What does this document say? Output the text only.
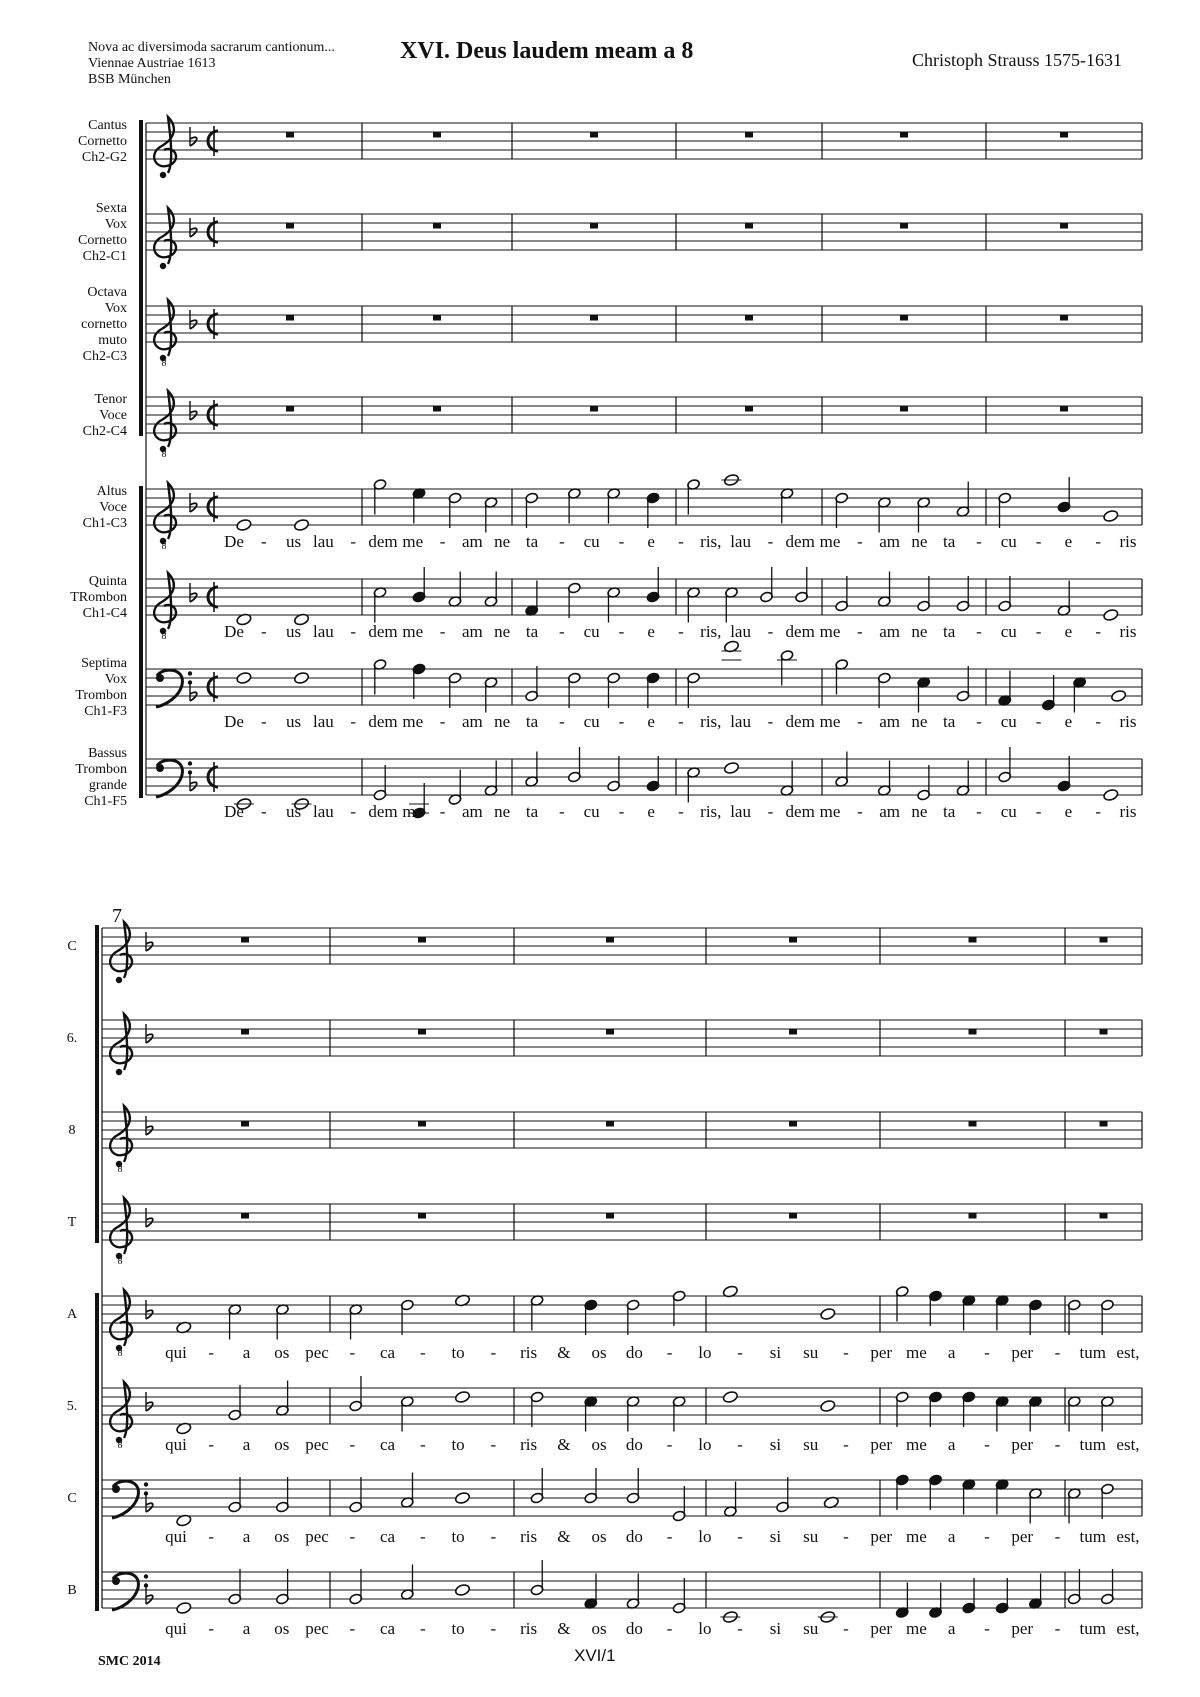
Nova ac diversimoda sacrarum cantionum...
Viennae Austriae 1613
BSB München
XVI. Deus laudem meam a 8	Christoph Strauss 1575-1631
Cantus
Cornetto
Ch2-G2
Sexta
Vox
Cornetto
Ch2-C1
8
Octava
Vox
cornetto
muto
Ch2-C3
8
Tenor
Voce
Ch2-C4
8
Altus
Voce
Ch1-C3
De - us lau - dem me - am ne ta - cu - e - ris, lau - dem me - am ne ta - cu - e - ris
8
Quinta
TRombon
Ch1-C4
De - us lau - dem me - am ne ta - cu - e - ris, lau - dem me - am ne ta - cu - e - ris
Septima
Vox
Trombon
Ch1-F3
De - us lau - dem me - am ne ta - cu - e - ris, lau - dem me - am ne ta - cu - e - ris
Bassus
Trombon
grande
Ch1-F5
De - us lau - dem me - am ne ta - cu - e - ris, lau - dem me - am ne ta - cu - e - ris
C
6.
8
8
8
T
8
A
qui - a os pec - ca - to - ris & os do - lo - si su - per me a - per - tum est,
8
5.
qui - a os pec - ca - to - ris & os do - lo - si su - per me a - per - tum est,
C
qui - a os pec - ca - to - ris & os do - lo - si su - per me a - per - tum est,
B
qui - a os pec - ca - to - ris & os do - lo - si su - per me a - per - tum est,
7
SMC 2014	XVI/1
